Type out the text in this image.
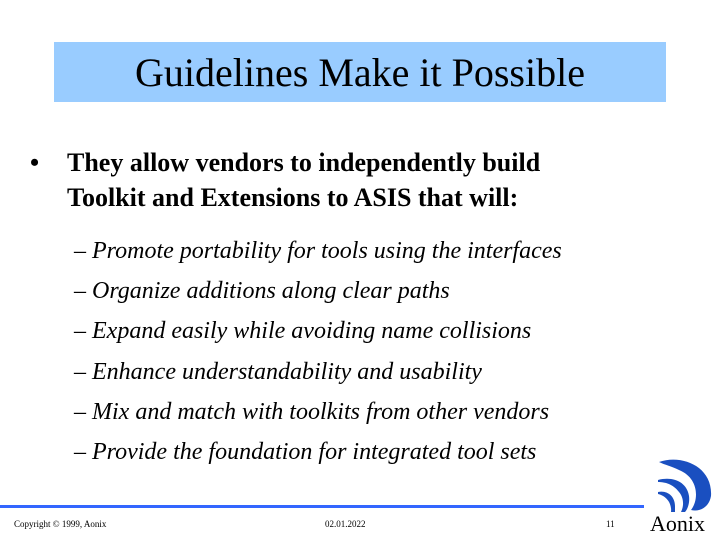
Guidelines Make it Possible
• They allow vendors to independently build
Toolkit and Extensions to ASIS that will:
– Promote portability for tools using the interfaces
– Organize additions along clear paths
– Expand easily while avoiding name collisions
– Enhance understandability and usability
– Mix and match with toolkits from other vendors
– Provide the foundation for integrated tool sets
Copyright © 1999, Aonix	02.01.2022	11 Aonix
